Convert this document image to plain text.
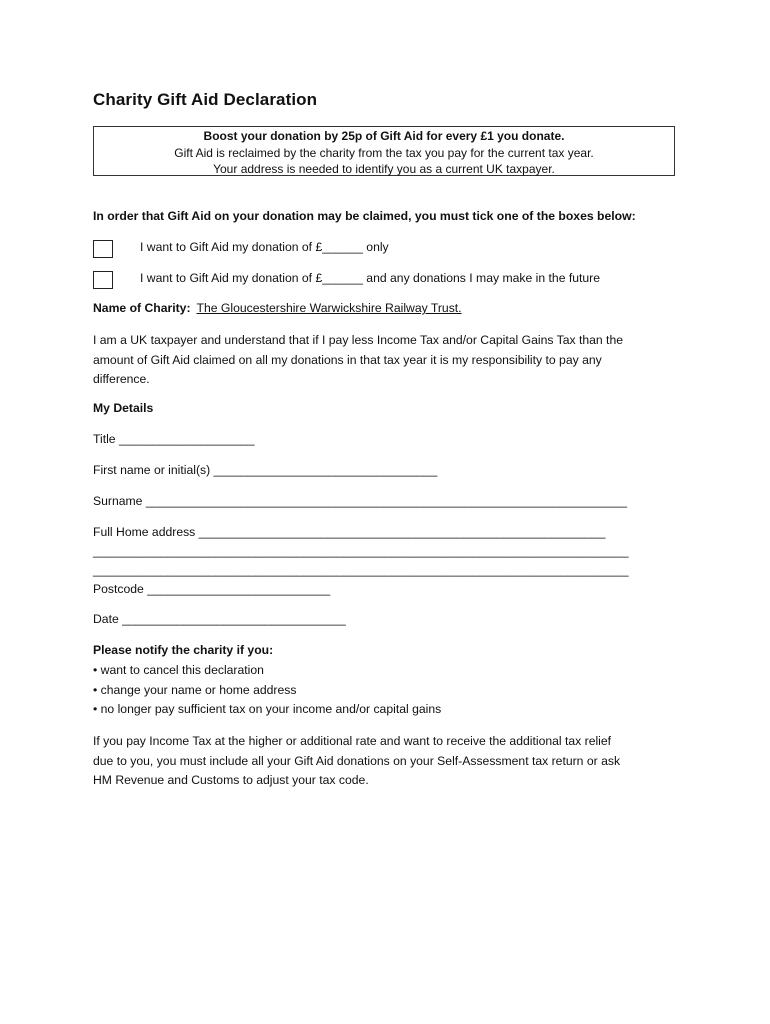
Charity Gift Aid Declaration
Boost your donation by 25p of Gift Aid for every £1 you donate.
Gift Aid is reclaimed by the charity from the tax you pay for the current tax year.
Your address is needed to identify you as a current UK taxpayer.
In order that Gift Aid on your donation may be claimed, you must tick one of the boxes below:
I want to Gift Aid my donation of £______ only
I want to Gift Aid my donation of £______ and any donations I may make in the future
Name of Charity: The Gloucestershire Warwickshire Railway Trust.
I am a UK taxpayer and understand that if I pay less Income Tax and/or Capital Gains Tax than the
amount of Gift Aid claimed on all my donations in that tax year it is my responsibility to pay any
difference.
My Details
Title ____________________
First name or initial(s) _________________________________
Surname _______________________________________________________________________
Full Home address ____________________________________________________________
_______________________________________________________________________________
_______________________________________________________________________________
Postcode ___________________________
Date _________________________________
Please notify the charity if you:
• want to cancel this declaration
• change your name or home address
• no longer pay sufficient tax on your income and/or capital gains
If you pay Income Tax at the higher or additional rate and want to receive the additional tax relief
due to you, you must include all your Gift Aid donations on your Self-Assessment tax return or ask
HM Revenue and Customs to adjust your tax code.
